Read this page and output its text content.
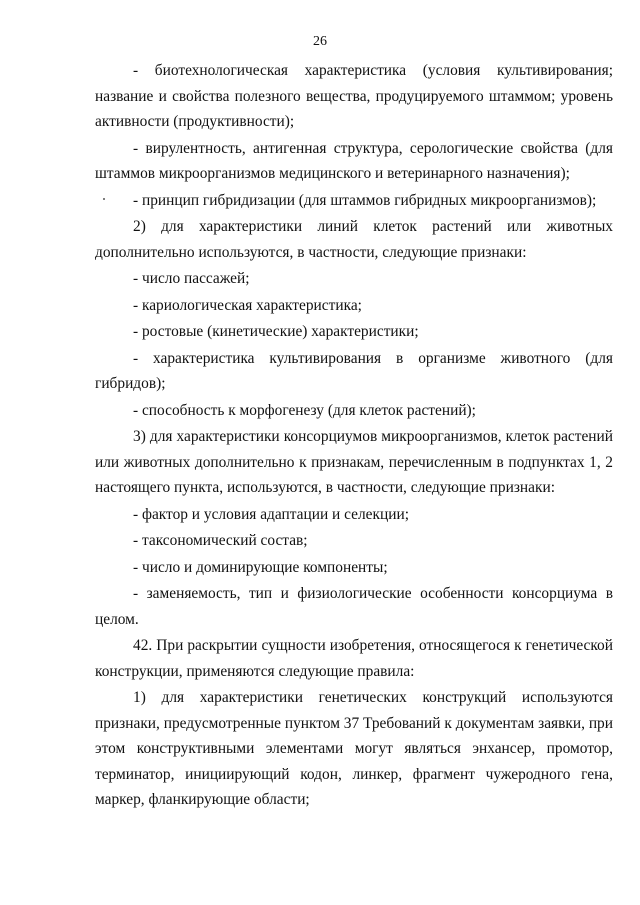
26

- биотехнологическая характеристика (условия культивирования; название и свойства полезного вещества, продуцируемого штаммом; уровень активности (продуктивности);

- вирулентность, антигенная структура, серологические свойства (для штаммов микроорганизмов медицинского и ветеринарного назначения);

- принцип гибридизации (для штаммов гибридных микроорганизмов);

2) для характеристики линий клеток растений или животных дополнительно используются, в частности, следующие признаки:

- число пассажей;

- кариологическая характеристика;

- ростовые (кинетические) характеристики;

- характеристика культивирования в организме животного (для гибридов);

- способность к морфогенезу (для клеток растений);

3) для характеристики консорциумов микроорганизмов, клеток растений или животных дополнительно к признакам, перечисленным в подпунктах 1, 2 настоящего пункта, используются, в частности, следующие признаки:

- фактор и условия адаптации и селекции;

- таксономический состав;

- число и доминирующие компоненты;

- заменяемость, тип и физиологические особенности консорциума в целом.

42. При раскрытии сущности изобретения, относящегося к генетической конструкции, применяются следующие правила:

1) для характеристики генетических конструкций используются признаки, предусмотренные пунктом 37 Требований к документам заявки, при этом конструктивными элементами могут являться энхансер, промотор, терминатор, инициирующий кодон, линкер, фрагмент чужеродного гена, маркер, фланкирующие области;
